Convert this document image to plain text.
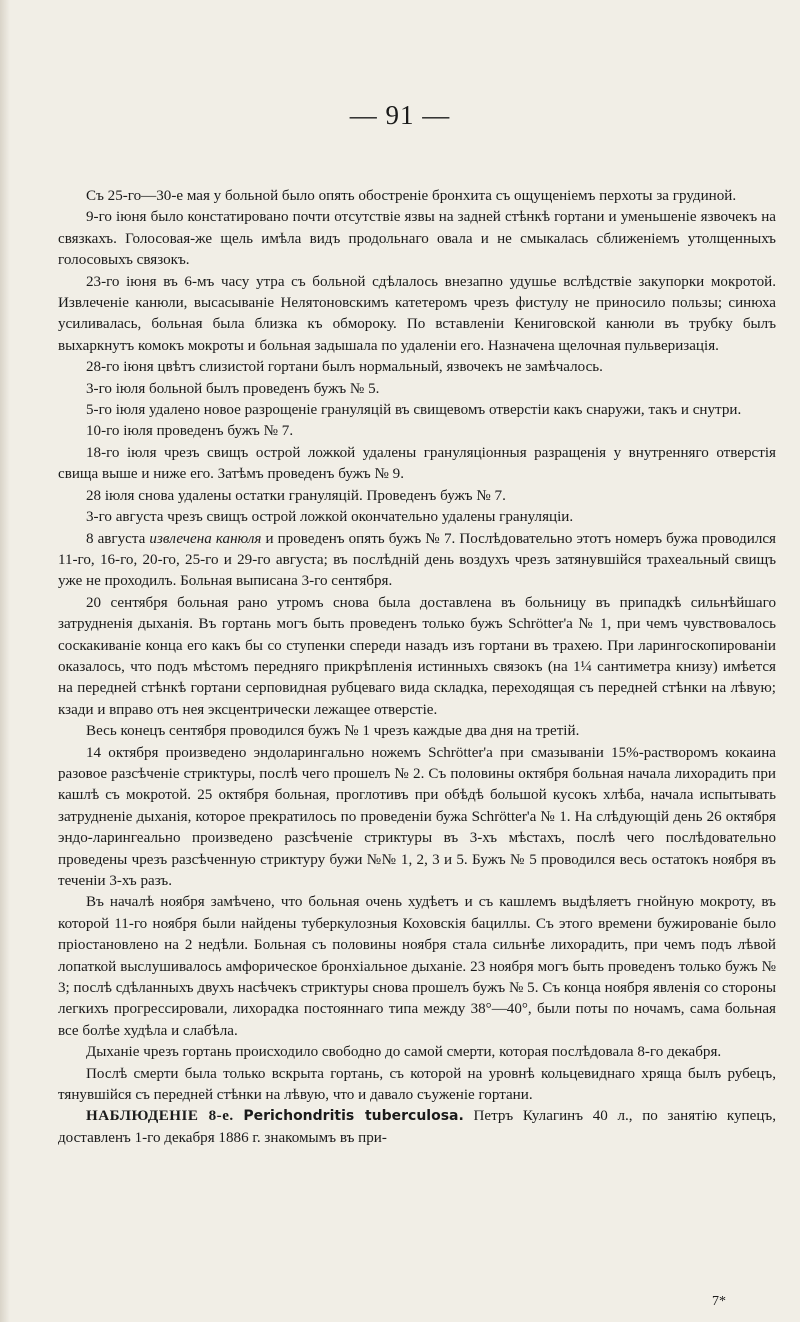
— 91 —

Съ 25-го—30-е мая у больной было опять обостреніе бронхита съ ощущеніемъ перхоты за грудиной.

9-го іюня было констатировано почти отсутствіе язвы на задней стѣнкѣ гортани и уменьшеніе язвочекъ на связкахъ. Голосовая-же щель имѣла видъ продольнаго овала и не смыкалась сближеніемъ утолщенныхъ голосовыхъ связокъ.

23-го іюня въ 6-мъ часу утра съ больной сдѣлалось внезапно удушье вслѣдствіе закупорки мокротой. Извлеченіе канюли, высасываніе Нелятоновскимъ катетеромъ чрезъ фистулу не приносило пользы; синюха усиливалась, больная была близка къ обмороку. По вставленіи Кениговской канюли въ трубку былъ выхаркнутъ комокъ мокроты и больная задышала по удаленіи его. Назначена щелочная пульверизація.

28-го іюня цвѣтъ слизистой гортани былъ нормальный, язвочекъ не замѣчалось.

3-го іюля больной былъ проведенъ бужъ № 5.

5-го іюля удалено новое разрощеніе грануляцій въ свищевомъ отверстіи какъ снаружи, такъ и снутри.

10-го іюля проведенъ бужъ № 7.

18-го іюля чрезъ свищъ острой ложкой удалены грануляціонныя разращенія у внутренняго отверстія свища выше и ниже его. Затѣмъ проведенъ бужъ № 9.

28 іюля снова удалены остатки грануляцій. Проведенъ бужъ № 7.

3-го августа чрезъ свищъ острой ложкой окончательно удалены грануляціи.

8 августа извлечена канюля и проведенъ опять бужъ № 7. Послѣдовательно этотъ номеръ бужа проводился 11-го, 16-го, 20-го, 25-го и 29-го августа; въ послѣдній день воздухъ чрезъ затянувшійся трахеальный свищъ уже не проходилъ. Больная выписана 3-го сентября.

20 сентября больная рано утромъ снова была доставлена въ больницу въ припадкѣ сильнѣйшаго затрудненія дыханія. Въ гортань могъ быть проведенъ только бужъ Schrötter'а № 1, при чемъ чувствовалось соскакиваніе конца его какъ бы со ступенки спереди назадъ изъ гортани въ трахею. При ларингоскопированіи оказалось, что подъ мѣстомъ передняго прикрѣпленія истинныхъ связокъ (на 1¼ сантиметра книзу) имѣется на передней стѣнкѣ гортани серповидная рубцеваго вида складка, переходящая съ передней стѣнки на лѣвую; кзади и вправо отъ нея эксцентрически лежащее отверстіе.

Весь конецъ сентября проводился бужъ № 1 чрезъ каждые два дня на третій.

14 октября произведено эндоларингально ножемъ Schrötter'а при смазываніи 15%-растворомъ кокаина разовое разсѣченіе стриктуры, послѣ чего прошелъ № 2. Съ половины октября больная начала лихорадить при кашлѣ съ мокротой. 25 октября больная, проглотивъ при обѣдѣ большой кусокъ хлѣба, начала испытывать затрудненіе дыханія, которое прекратилось по проведеніи бужа Schrötter'а № 1. На слѣдующій день 26 октября эндо-ларингеально произведено разсѣченіе стриктуры въ 3-хъ мѣстахъ, послѣ чего послѣдовательно проведены чрезъ разсѣченную стриктуру бужи №№ 1, 2, 3 и 5. Бужъ № 5 проводился весь остатокъ ноября въ теченіи 3-хъ разъ.

Въ началѣ ноября замѣчено, что больная очень худѣетъ и съ кашлемъ выдѣляетъ гнойную мокроту, въ которой 11-го ноября были найдены туберкулозныя Коховскія бациллы. Съ этого времени бужированіе было пріостановлено на 2 недѣли. Больная съ половины ноября стала сильнѣе лихорадить, при чемъ подъ лѣвой лопаткой выслушивалось амфорическое бронхіальное дыханіе. 23 ноября могъ быть проведенъ только бужъ № 3; послѣ сдѣланныхъ двухъ насѣчекъ стриктуры снова прошелъ бужъ № 5. Съ конца ноября явленія со стороны легкихъ прогрессировали, лихорадка постояннаго типа между 38°—40°, были поты по ночамъ, сама больная все болѣе худѣла и слабѣла.

Дыханіе чрезъ гортань происходило свободно до самой смерти, которая послѣдовала 8-го декабря.

Послѣ смерти была только вскрыта гортань, съ которой на уровнѣ кольцевиднаго хряща былъ рубецъ, тянувшійся съ передней стѣнки на лѣвую, что и давало съуженіе гортани.

НАБЛЮДЕНІЕ 8-е. Perichondritis tuberculosa. Петръ Кулагинъ 40 л., по занятію купецъ, доставленъ 1-го декабря 1886 г. знакомымъ въ при-

7*
